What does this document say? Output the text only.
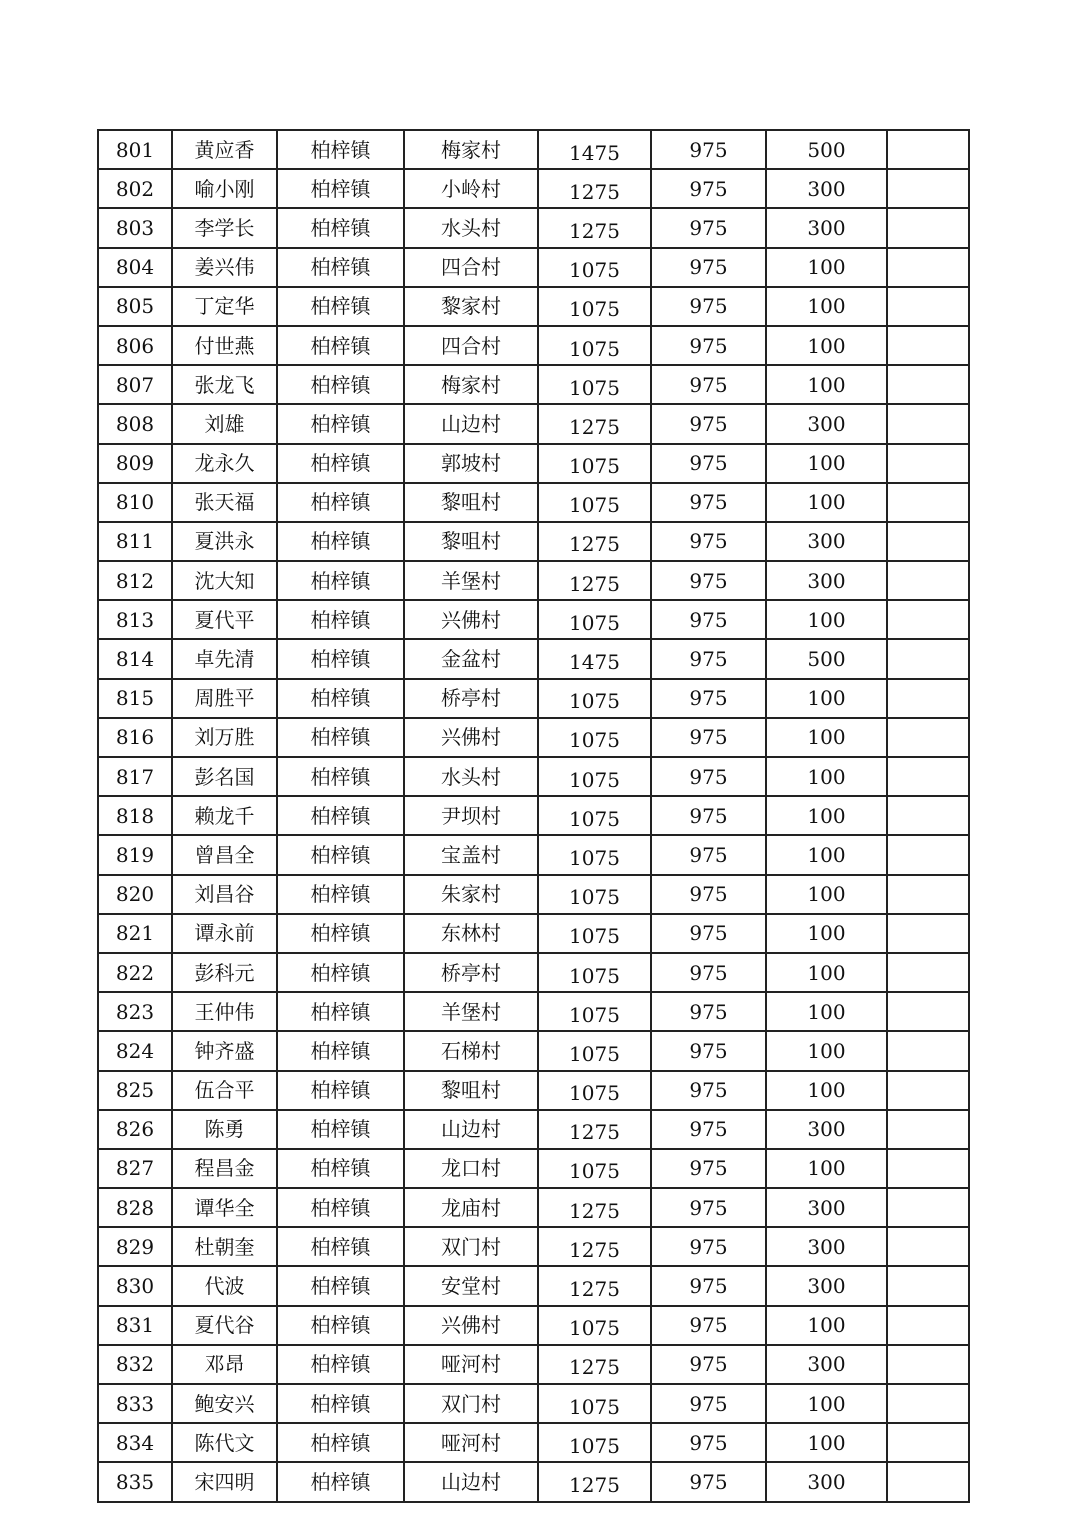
801	黄应香	柏梓镇	梅家村	1475	975	500	
802	喻小刚	柏梓镇	小岭村	1275	975	300	
803	李学长	柏梓镇	水头村	1275	975	300	
804	姜兴伟	柏梓镇	四合村	1075	975	100	
805	丁定华	柏梓镇	黎家村	1075	975	100	
806	付世燕	柏梓镇	四合村	1075	975	100	
807	张龙飞	柏梓镇	梅家村	1075	975	100	
808	刘雄	柏梓镇	山边村	1275	975	300	
809	龙永久	柏梓镇	郭坡村	1075	975	100	
810	张天福	柏梓镇	黎咀村	1075	975	100	
811	夏洪永	柏梓镇	黎咀村	1275	975	300	
812	沈大知	柏梓镇	羊堡村	1275	975	300	
813	夏代平	柏梓镇	兴佛村	1075	975	100	
814	卓先清	柏梓镇	金盆村	1475	975	500	
815	周胜平	柏梓镇	桥亭村	1075	975	100	
816	刘万胜	柏梓镇	兴佛村	1075	975	100	
817	彭名国	柏梓镇	水头村	1075	975	100	
818	赖龙千	柏梓镇	尹坝村	1075	975	100	
819	曾昌全	柏梓镇	宝盖村	1075	975	100	
820	刘昌谷	柏梓镇	朱家村	1075	975	100	
821	谭永前	柏梓镇	东林村	1075	975	100	
822	彭科元	柏梓镇	桥亭村	1075	975	100	
823	王仲伟	柏梓镇	羊堡村	1075	975	100	
824	钟齐盛	柏梓镇	石梯村	1075	975	100	
825	伍合平	柏梓镇	黎咀村	1075	975	100	
826	陈勇	柏梓镇	山边村	1275	975	300	
827	程昌金	柏梓镇	龙口村	1075	975	100	
828	谭华全	柏梓镇	龙庙村	1275	975	300	
829	杜朝奎	柏梓镇	双门村	1275	975	300	
830	代波	柏梓镇	安堂村	1275	975	300	
831	夏代谷	柏梓镇	兴佛村	1075	975	100	
832	邓昂	柏梓镇	哑河村	1275	975	300	
833	鲍安兴	柏梓镇	双门村	1075	975	100	
834	陈代文	柏梓镇	哑河村	1075	975	100	
835	宋四明	柏梓镇	山边村	1275	975	300	
